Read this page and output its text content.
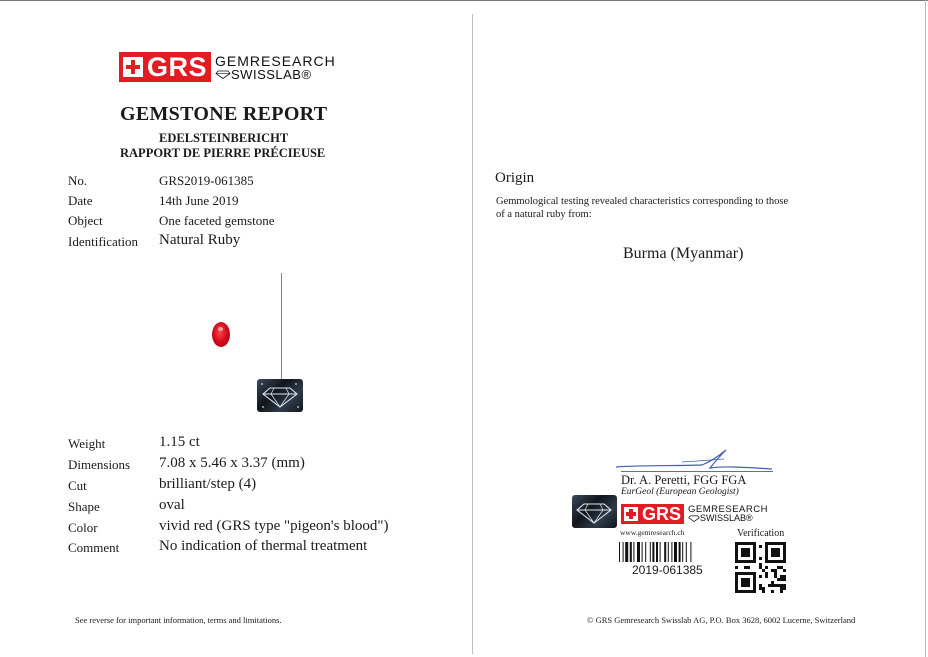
GRS GEMRESEARCH
SWISSLAB ®
GEMSTONE REPORT
EDELSTEINBERICHT
RAPPORT DE PIERRE PRÉCIEUSE
No.	GRS2019-061385
Date	14th June 2019
Object	One faceted gemstone
Identification Natural Ruby
Weight	1.15 ct
Dimensions 7.08 x 5.46 x 3.37 (mm)
Cut	brilliant/step (4)
Shape	oval
Color	vivid red (GRS type "pigeon's blood")
Comment	No indication of thermal treatment
See reverse for important information, terms and limitations.
Origin
Gemmological testing revealed characteristics corresponding to those
of a natural ruby from:
Burma (Myanmar)
Dr. A. Peretti, FGG FGA
EurGeol (European Geologist)
GRS GEMRESEARCH
SWISSLAB ®
www.gemresearch.ch	Verification
2019-061385
© GRS Gemresearch Swisslab AG, P.O. Box 3628, 6002 Lucerne, Switzerland
